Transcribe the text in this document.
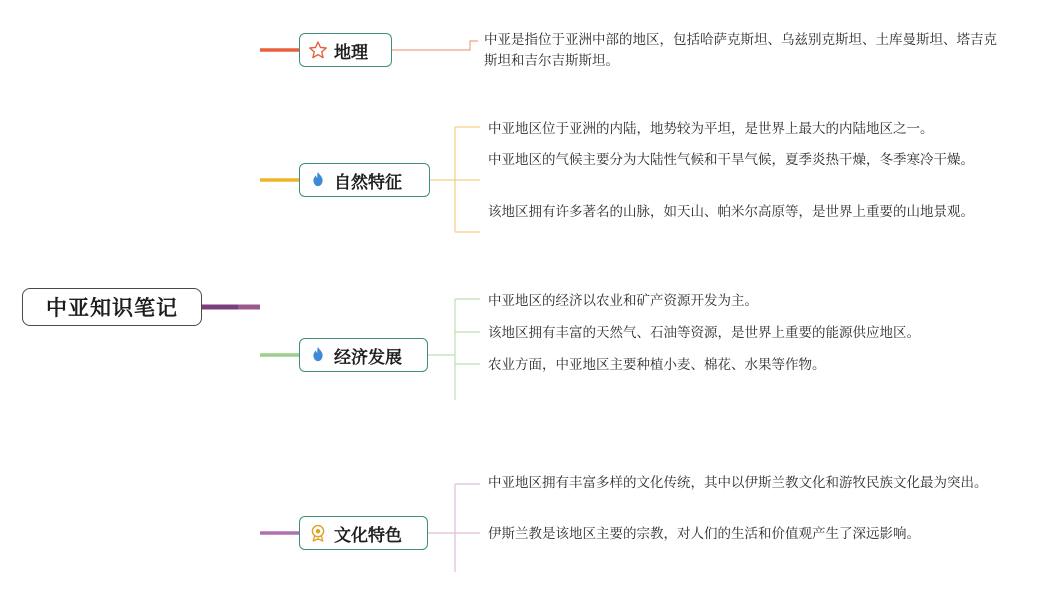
中亚知识笔记
地理
中亚是指位于亚洲中部的地区，包括哈萨克斯坦、乌兹别克斯坦、土库曼斯坦、塔吉克斯坦和吉尔吉斯斯坦。
自然特征
中亚地区位于亚洲的内陆，地势较为平坦，是世界上最大的内陆地区之一。
中亚地区的气候主要分为大陆性气候和干旱气候，夏季炎热干燥，冬季寒冷干燥。
该地区拥有许多著名的山脉，如天山、帕米尔高原等，是世界上重要的山地景观。
经济发展
中亚地区的经济以农业和矿产资源开发为主。
该地区拥有丰富的天然气、石油等资源，是世界上重要的能源供应地区。
农业方面，中亚地区主要种植小麦、棉花、水果等作物。
文化特色
中亚地区拥有丰富多样的文化传统，其中以伊斯兰教文化和游牧民族文化最为突出。
伊斯兰教是该地区主要的宗教，对人们的生活和价值观产生了深远影响。
